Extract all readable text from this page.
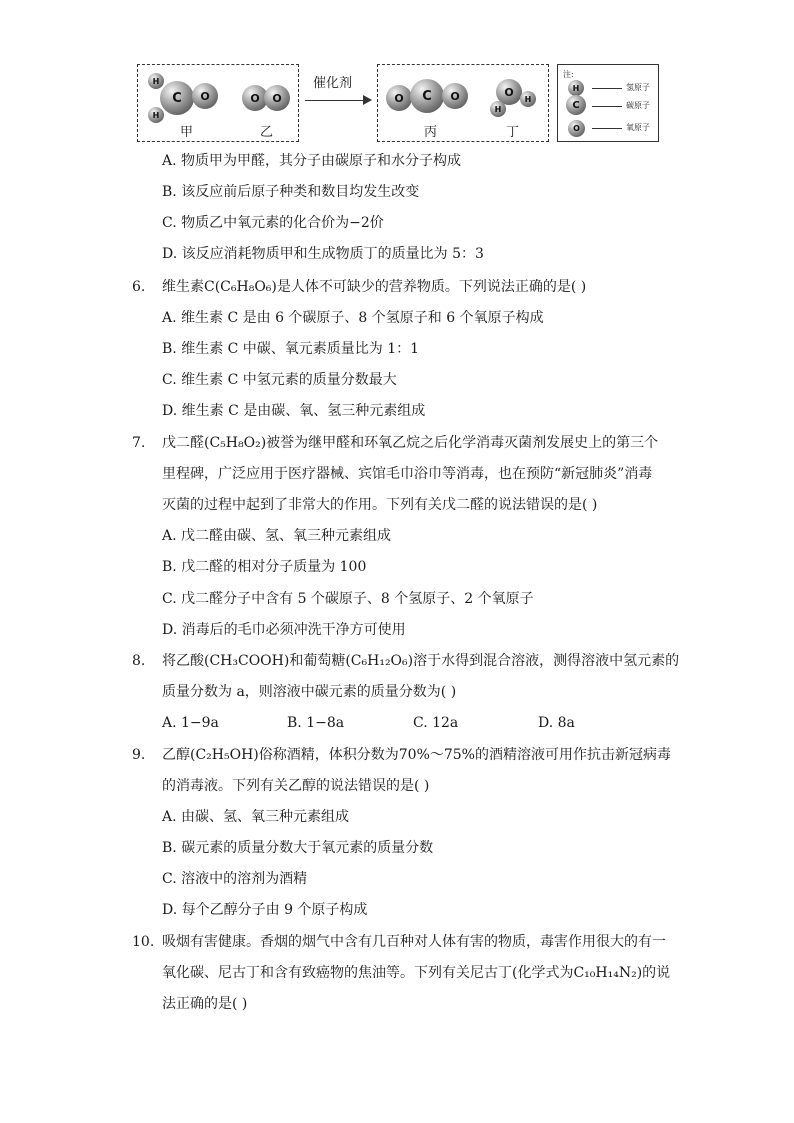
H
H
C	O
甲
O	O
乙
催化剂
O	C	O
丙
O
H
H
丁
注:
H	氢原子
C	碳原子
O	氧原子
A. 物质甲为甲醛，其分子由碳原子和水分子构成
B. 该反应前后原子种类和数目均发生改变
C. 物质乙中氧元素的化合价为−2价
D. 该反应消耗物质甲和生成物质丁的质量比为 5：3
6. 维生素C(C₆H₈O₆)是人体不可缺少的营养物质。下列说法正确的是( )
A. 维生素 C 是由 6 个碳原子、8 个氢原子和 6 个氧原子构成
B. 维生素 C 中碳、氧元素质量比为 1：1
C. 维生素 C 中氢元素的质量分数最大
D. 维生素 C 是由碳、氧、氢三种元素组成
7. 戊二醛(C₅H₈O₂)被誉为继甲醛和环氧乙烷之后化学消毒灭菌剂发展史上的第三个
里程碑，广泛应用于医疗器械、宾馆毛巾浴巾等消毒，也在预防“新冠肺炎”消毒
灭菌的过程中起到了非常大的作用。下列有关戊二醛的说法错误的是( )
A. 戊二醛由碳、氢、氧三种元素组成
B. 戊二醛的相对分子质量为 100
C. 戊二醛分子中含有 5 个碳原子、8 个氢原子、2 个氧原子
D. 消毒后的毛巾必须冲洗干净方可使用
8. 将乙酸(CH₃COOH)和葡萄糖(C₆H₁₂O₆)溶于水得到混合溶液，测得溶液中氢元素的
质量分数为 a，则溶液中碳元素的质量分数为( )
A. 1−9a	B. 1−8a	C. 12a	D. 8a
9. 乙醇(C₂H₅OH)俗称酒精，体积分数为70%～75%的酒精溶液可用作抗击新冠病毒
的消毒液。下列有关乙醇的说法错误的是( )
A. 由碳、氢、氧三种元素组成
B. 碳元素的质量分数大于氧元素的质量分数
C. 溶液中的溶剂为酒精
D. 每个乙醇分子由 9 个原子构成
10. 吸烟有害健康。香烟的烟气中含有几百种对人体有害的物质，毒害作用很大的有一
氧化碳、尼古丁和含有致癌物的焦油等。下列有关尼古丁(化学式为C₁₀H₁₄N₂)的说
法正确的是( )
